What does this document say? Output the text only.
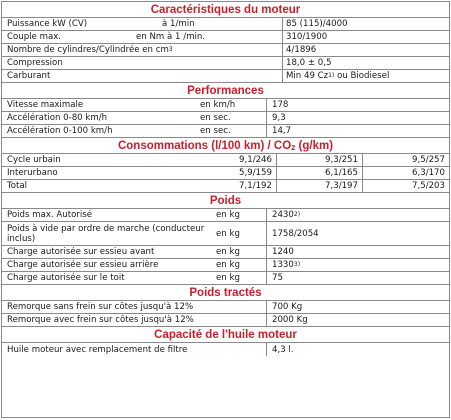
Caractéristiques du moteur
Puissance kW (CV)	à 1/min	85 (115)/4000
Couple max.	en Nm à 1 /min.	310/1900
Nombre de cylindres/Cylindrée en cm 3	4/1896
Compression	18,0 ± 0,5
Carburant	Min 49 Cz 1) ou Biodiesel
Performances
Vitesse maximale	en km/h	178
Accélération 0-80 km/h	en sec.	9,3
Accélération 0-100 km/h	en sec.	14,7
Consommations (l/100 $km) / CO_2$ (g/km)
Cycle urbain	9,1/246	9,3/251	9,5/257
Interurbano	5,9/159	6,1/165	6,3/170
Total	7,1/192	7,3/197	7,5/203
Poids
Poids max. Autorisé	en kg	2430 2)
Poids à vide par ordre de marche (conducteur inclus)	en kg	1758/2054
Charge autorisée sur essieu avant	en kg	1240
Charge autorisée sur essieu arrière	en kg	1330 3)
Charge autorisée sur le toit	en kg	75
Poids tractés
Remorque sans frein sur côtes jusqu'à 12%	700 Kg
Remorque avec frein sur côtes jusqu'à 12%	2000 Kg
Capacité de l'huile moteur
Huile moteur avec remplacement de filtre	4,3 l.
